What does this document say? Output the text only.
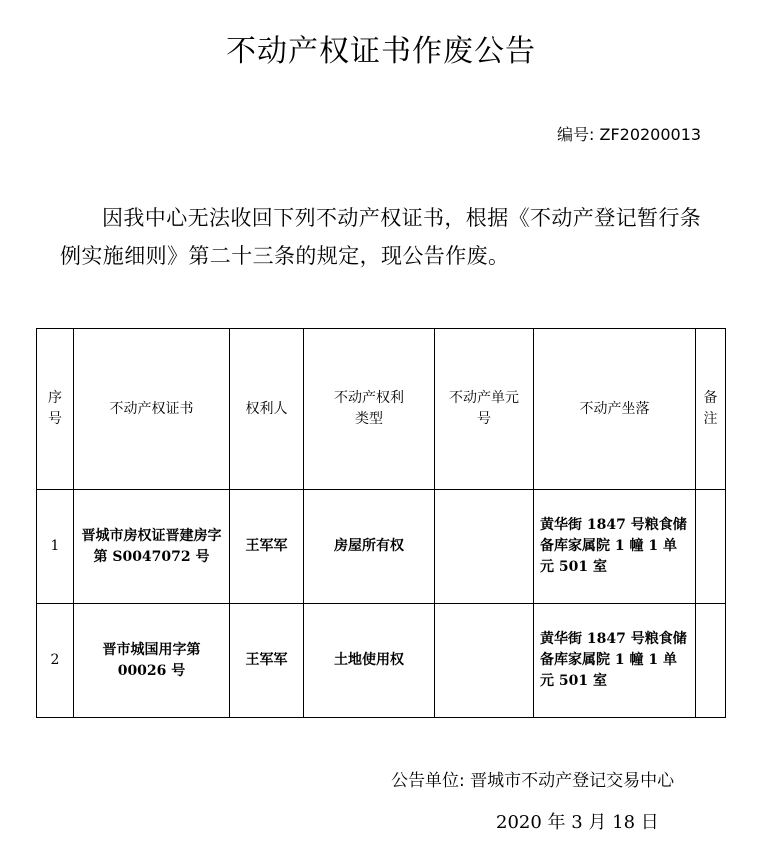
不动产权证书作废公告
编号: ZF20200013
因我中心无法收回下列不动产权证书，根据《不动产登记暂行条例实施细则》第二十三条的规定，现公告作废。
序号	不动产权证书	权利人	不动产权利类型	不动产单元号	不动产坐落	备注
1	晋城市房权证晋建房字第 S0047072 号	王军军	房屋所有权		黄华街 1847 号粮食储备库家属院 1 幢 1 单元 501 室	
2	晋市城国用字第 00026 号	王军军	土地使用权		黄华街 1847 号粮食储备库家属院 1 幢 1 单元 501 室	
公告单位: 晋城市不动产登记交易中心
2020 年 3 月 18 日
